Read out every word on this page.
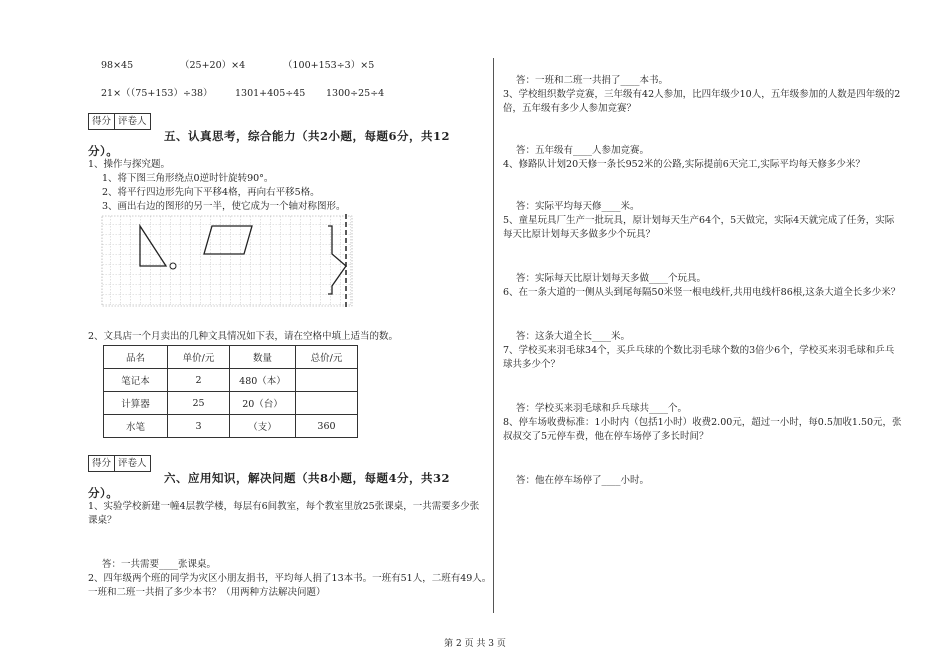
98×45	（25+20）×4	（100+153÷3）×5
21×（（75+153）÷38） 1301+405÷45 1300÷25÷4
得分 评卷人
五、认真思考，综合能力（共2小题，每题6分，共12
分）。
1、操作与探究题。
1、将下图三角形绕点0逆时针旋转90°。
2、将平行四边形先向下平移4格，再向右平移5格。
3、画出右边的图形的另一半，使它成为一个轴对称图形。
2、文具店一个月卖出的几种文具情况如下表，请在空格中填上适当的数。
品名	单价/元	数量	总价/元
笔记本	2	480（本）	
计算器	25	20（台）	
水笔	3	（支）	360
得分 评卷人
六、应用知识，解决问题（共8小题，每题4分，共32
分）。
1、实验学校新建一幢4层教学楼，每层有6间教室，每个教室里放25张课桌，一共需要多少张
课桌？
答：一共需要____张课桌。
2、四年级两个班的同学为灾区小朋友捐书，平均每人捐了13本书。一班有51人，二班有49人。
一班和二班一共捐了多少本书？（用两种方法解决问题）
答：一班和二班一共捐了____本书。
3、学校组织数学竞赛，三年级有42人参加，比四年级少10人，五年级参加的人数是四年级的2
倍，五年级有多少人参加竞赛？
答：五年级有____人参加竞赛。
4、修路队计划20天修一条长952米的公路,实际提前6天完工,实际平均每天修多少米？
答：实际平均每天修____米。
5、童星玩具厂生产一批玩具，原计划每天生产64个，5天做完，实际4天就完成了任务，实际
每天比原计划每天多做多少个玩具？
答：实际每天比原计划每天多做____个玩具。
6、在一条大道的一侧从头到尾每隔50米竖一根电线杆,共用电线杆86根,这条大道全长多少米？
答：这条大道全长____米。
7、学校买来羽毛球34个，买乒乓球的个数比羽毛球个数的3倍少6个，学校买来羽毛球和乒乓
球共多少个？
答：学校买来羽毛球和乒乓球共____个。
8、停车场收费标准：1小时内（包括1小时）收费2.00元，超过一小时，每0.5加收1.50元，张
叔叔交了5元停车费，他在停车场停了多长时间？
答：他在停车场停了____小时。
第 2 页 共 3 页
